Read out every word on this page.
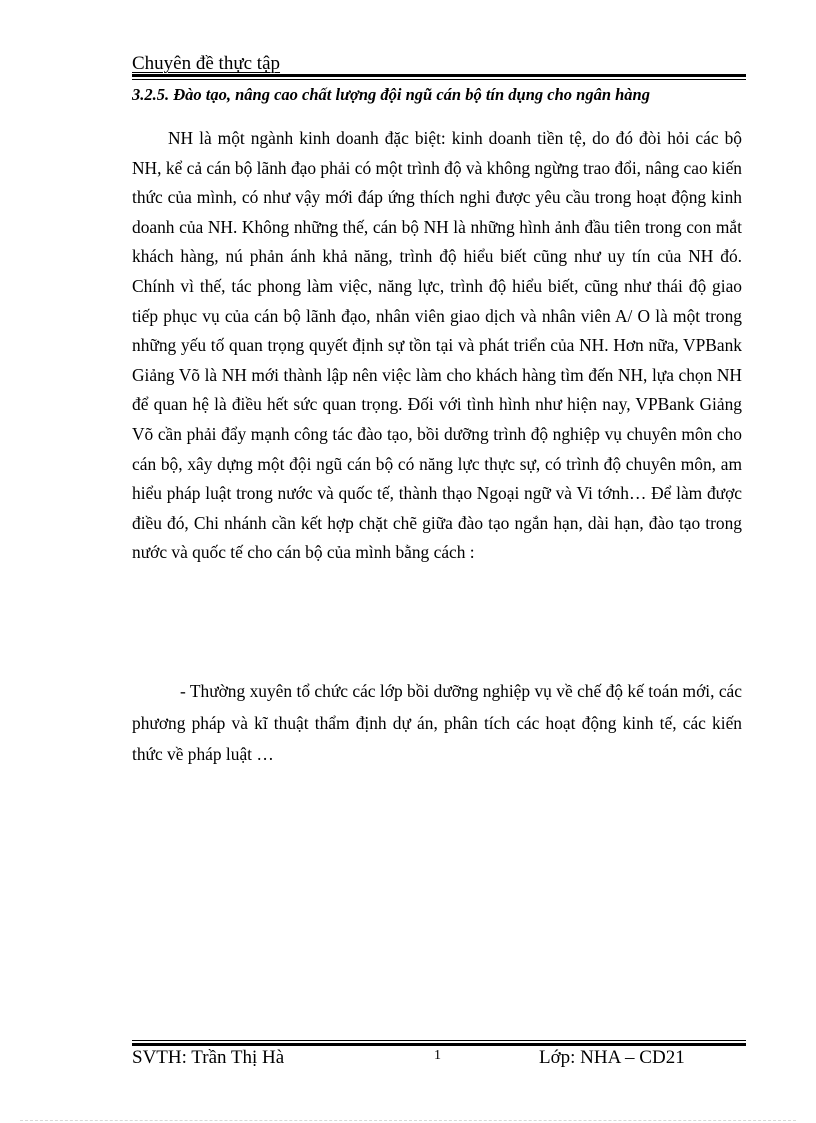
Chuyên đề thực tập
3.2.5. Đào tạo, nâng cao chất lượng đội ngũ cán bộ tín dụng cho ngân hàng

NH là một ngành kinh doanh đặc biệt: kinh doanh tiền tệ, do đó đòi hỏi các bộ NH, kể cả cán bộ lãnh đạo phải có một trình độ và không ngừng trao đổi, nâng cao kiến thức của mình, có như vậy mới đáp ứng thích nghi được yêu cầu trong hoạt động kinh doanh của NH. Không những thế, cán bộ NH là những hình ảnh đầu tiên trong con mắt khách hàng, nú phản ánh khả năng, trình độ hiểu biết cũng như uy tín của NH đó. Chính vì thế, tác phong làm việc, năng lực, trình độ hiểu biết, cũng như thái độ giao tiếp phục vụ của cán bộ lãnh đạo, nhân viên giao dịch và nhân viên A/ O là một trong những yếu tố quan trọng quyết định sự tồn tại và phát triển của NH. Hơn nữa, VPBank Giảng Võ là NH mới thành lập nên việc làm cho khách hàng tìm đến NH, lựa chọn NH để quan hệ là điều hết sức quan trọng. Đối với tình hình như hiện nay, VPBank Giảng Võ cần phải đẩy mạnh công tác đào tạo, bồi dưỡng trình độ nghiệp vụ chuyên môn cho cán bộ, xây dựng một đội ngũ cán bộ có năng lực thực sự, có trình độ chuyên môn, am hiểu pháp luật trong nước và quốc tế, thành thạo Ngoại ngữ và Vi tớnh… Để làm được điều đó, Chi nhánh cần kết hợp chặt chẽ giữa đào tạo ngắn hạn, dài hạn, đào tạo trong nước và quốc tế cho cán bộ của mình bằng cách :

- Thường xuyên tổ chức các lớp bồi dưỡng nghiệp vụ về chế độ kế toán mới, các phương pháp và kĩ thuật thẩm định dự án, phân tích các hoạt động kinh tế, các kiến thức về pháp luật …

SVTH: Trần Thị Hà	1	Lớp: NHA – CD21
